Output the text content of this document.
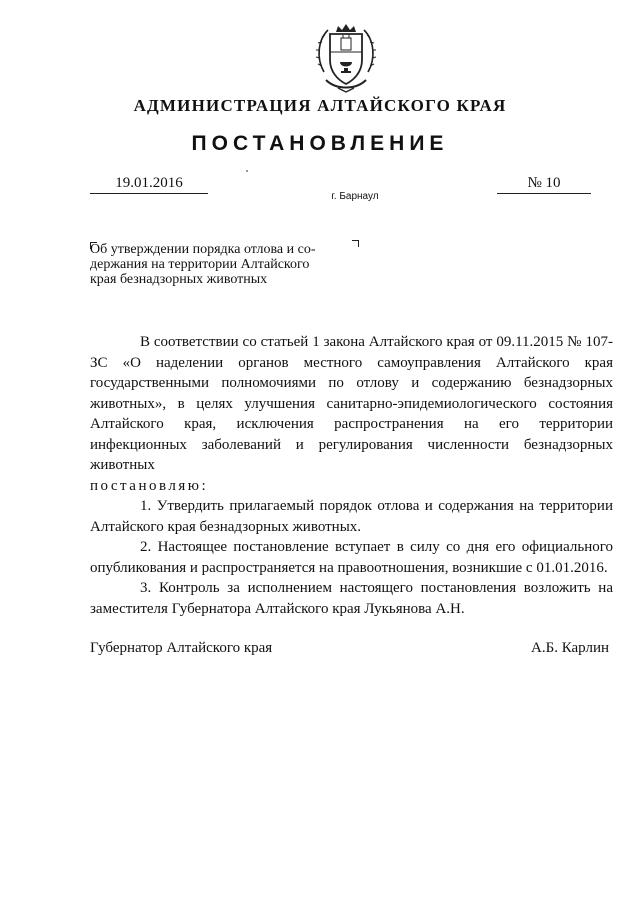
АДМИНИСТРАЦИЯ АЛТАЙСКОГО КРАЯ
ПОСТАНОВЛЕНИЕ
19.01.2016	№ 10
г. Барнаул
Об утверждении порядка отлова и со-
держания на территории Алтайского
края безнадзорных животных

В соответствии со статьей 1 закона Алтайского края от 09.11.2015 № 107-ЗС «О наделении органов местного самоуправления Алтайского края государственными полномочиями по отлову и содержанию безнадзорных животных», в целях улучшения санитарно-эпидемиологического состояния Алтайского края, исключения распространения на его территории инфекционных заболеваний и регулирования численности безнадзорных животных

постановляю:

1. Утвердить прилагаемый порядок отлова и содержания на территории Алтайского края безнадзорных животных.

2. Настоящее постановление вступает в силу со дня его официального опубликования и распространяется на правоотношения, возникшие с 01.01.2016.

3. Контроль за исполнением настоящего постановления возложить на заместителя Губернатора Алтайского края Лукьянова А.Н.

Губернатор Алтайского края	А.Б. Карлин
